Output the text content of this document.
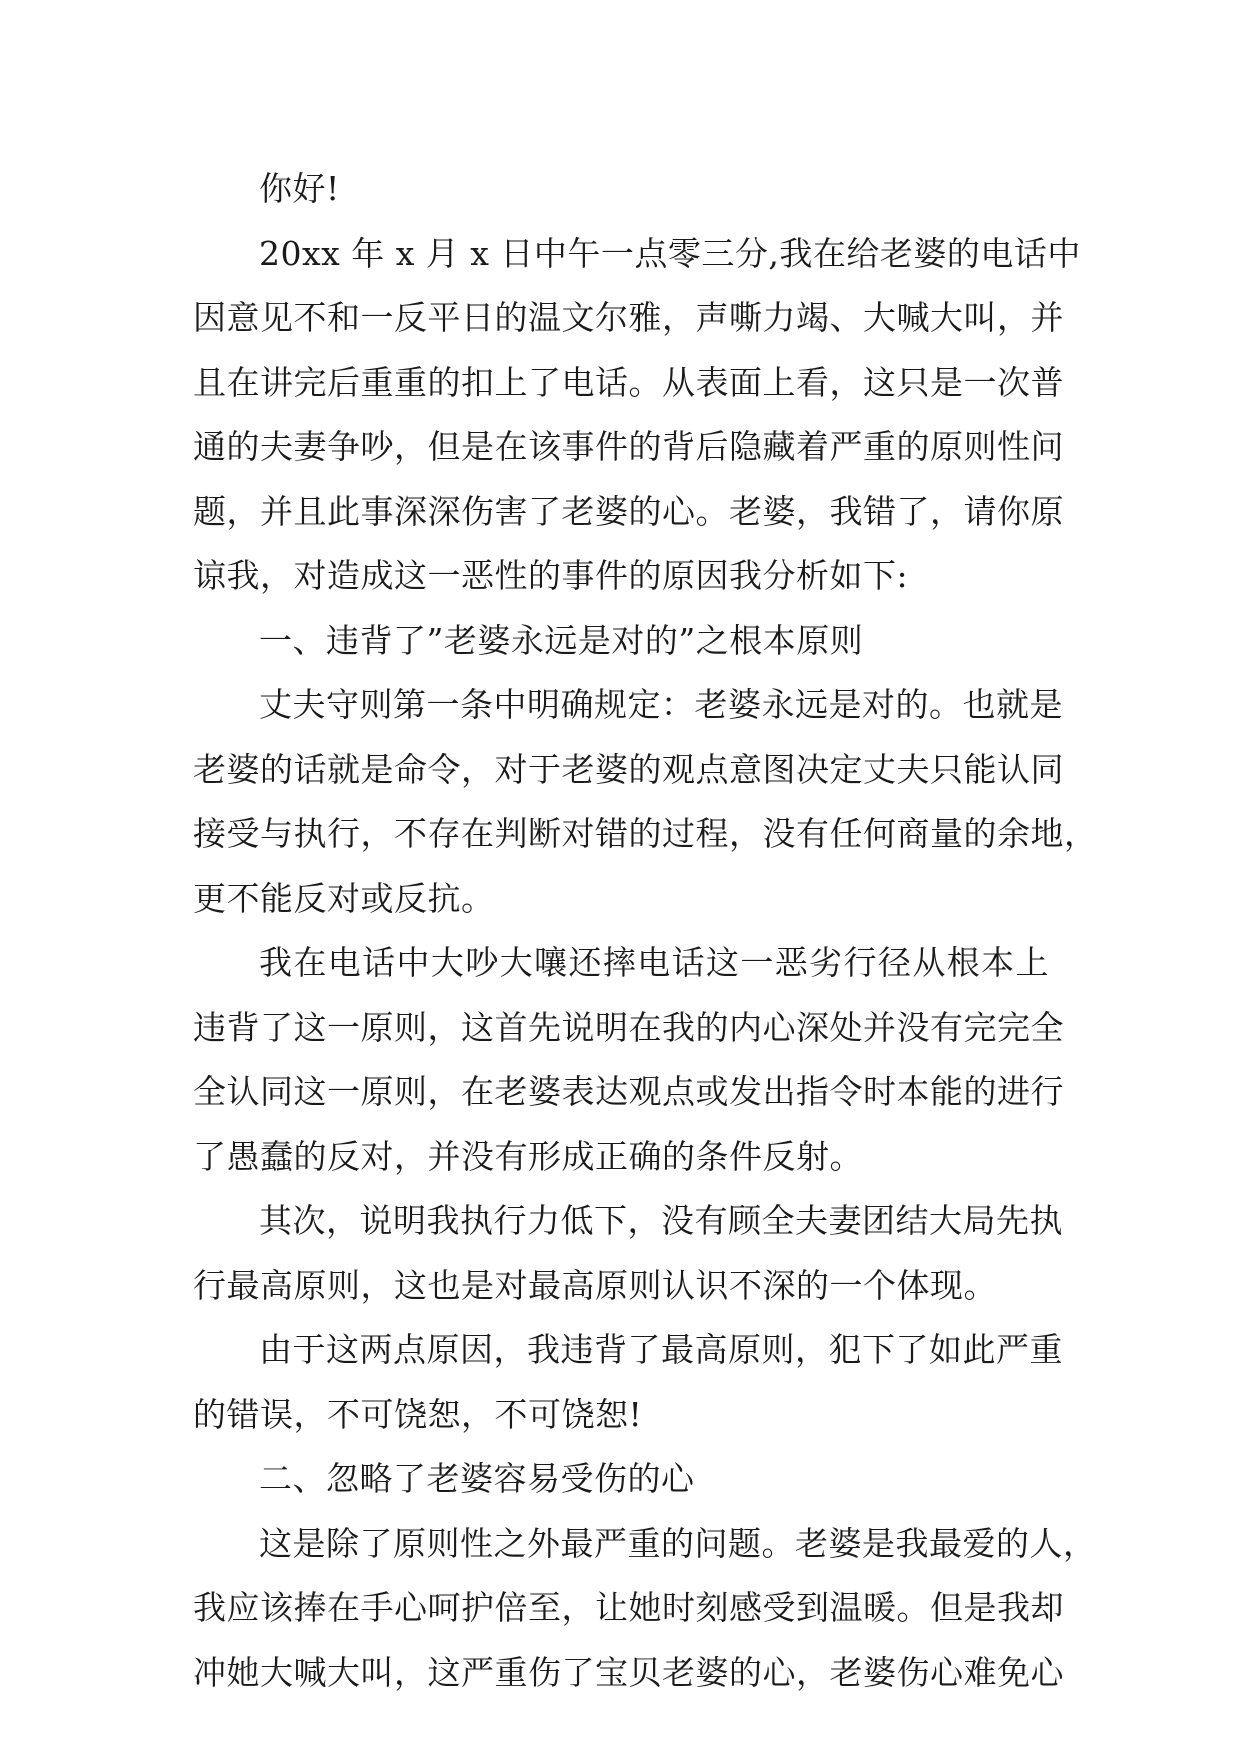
你好!
20xx 年 x 月 x 日中午一点零三分,我在给老婆的电话中
因意见不和一反平日的温文尔雅，声嘶力竭、大喊大叫，并
且在讲完后重重的扣上了电话。从表面上看，这只是一次普
通的夫妻争吵，但是在该事件的背后隐藏着严重的原则性问
题，并且此事深深伤害了老婆的心。老婆，我错了，请你原
谅我，对造成这一恶性的事件的原因我分析如下:
一、违背了”老婆永远是对的”之根本原则
丈夫守则第一条中明确规定：老婆永远是对的。也就是
老婆的话就是命令，对于老婆的观点意图决定丈夫只能认同
接受与执行，不存在判断对错的过程，没有任何商量的余地，
更不能反对或反抗。
我在电话中大吵大嚷还摔电话这一恶劣行径从根本上
违背了这一原则，这首先说明在我的内心深处并没有完完全
全认同这一原则，在老婆表达观点或发出指令时本能的进行
了愚蠢的反对，并没有形成正确的条件反射。
其次，说明我执行力低下，没有顾全夫妻团结大局先执
行最高原则，这也是对最高原则认识不深的一个体现。
由于这两点原因，我违背了最高原则，犯下了如此严重
的错误，不可饶恕，不可饶恕!
二、忽略了老婆容易受伤的心
这是除了原则性之外最严重的问题。老婆是我最爱的人，
我应该捧在手心呵护倍至，让她时刻感受到温暖。但是我却
冲她大喊大叫，这严重伤了宝贝老婆的心，老婆伤心难免心
